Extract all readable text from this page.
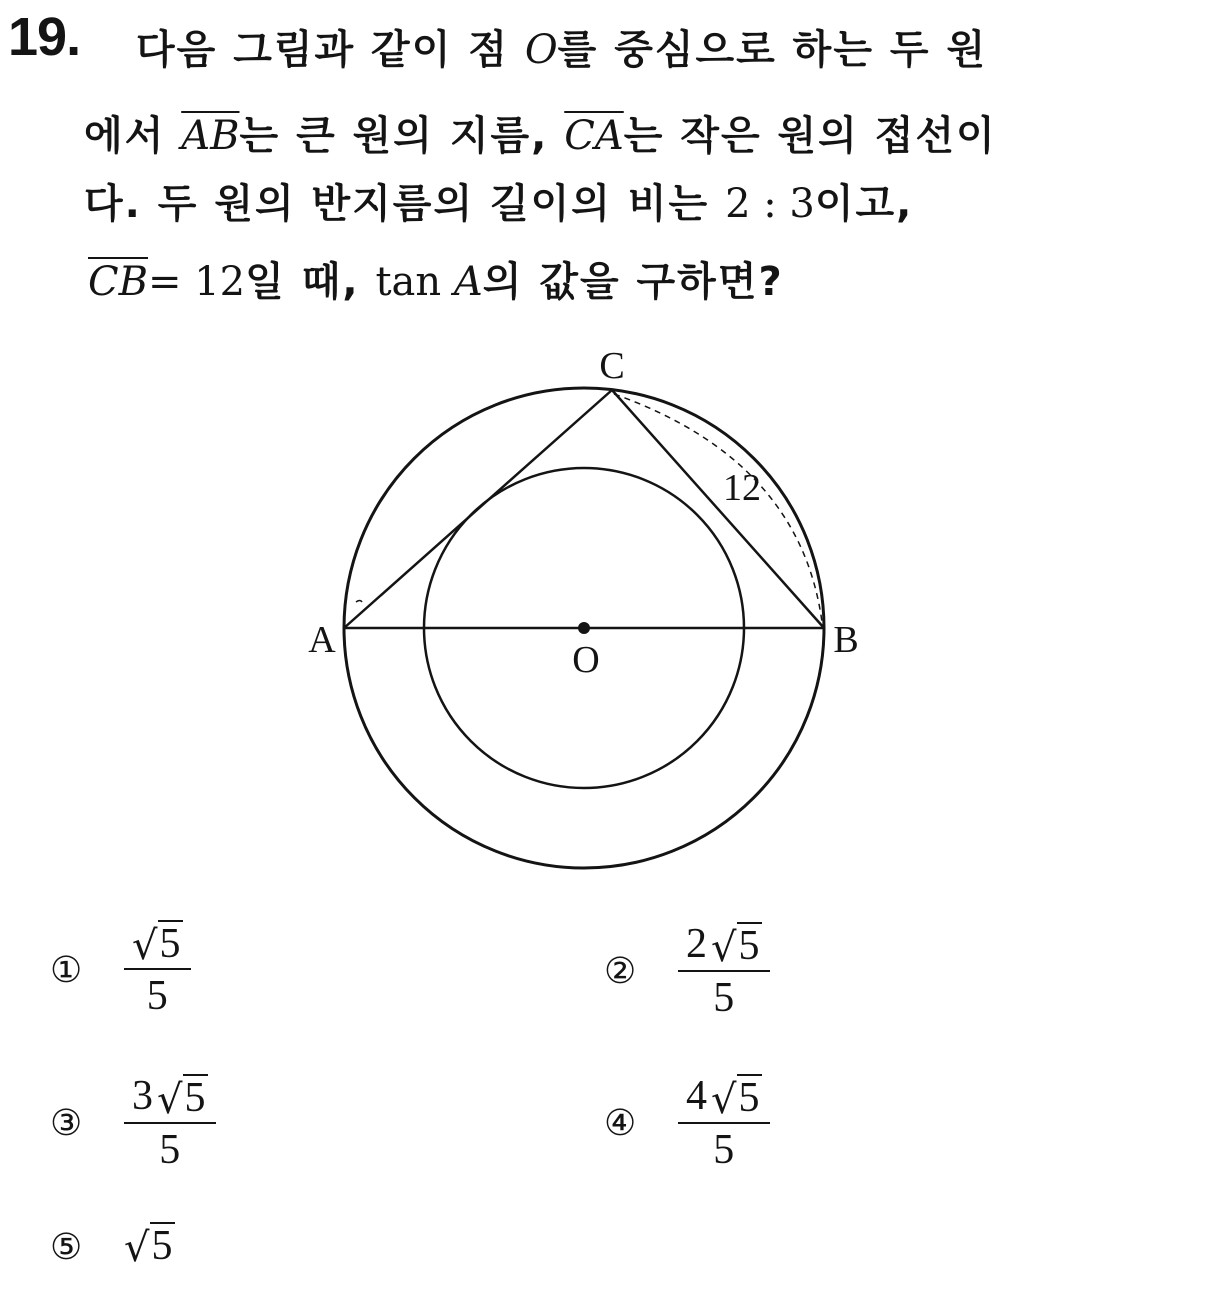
19. 다음 그림과 같이 점 O를 중심으로 하는 두 원
에서 $\overline{AB}$는 큰 원의 지름, $\overline{CA}$는 작은 원의 접선이
다. 두 원의 반지름의 길이의 비는 2 : 3이고,
$\overline{CB}= 12$일 때, tan A의 값을 구하면?
C
A	B
O
12
①	$\frac{√ 5}{5}$	② $\frac{2 √ 5}{5}$
③ $\frac{3 √ 5}{5}$	④ $\frac{4 √ 5}{5}$
⑤	√ 5
